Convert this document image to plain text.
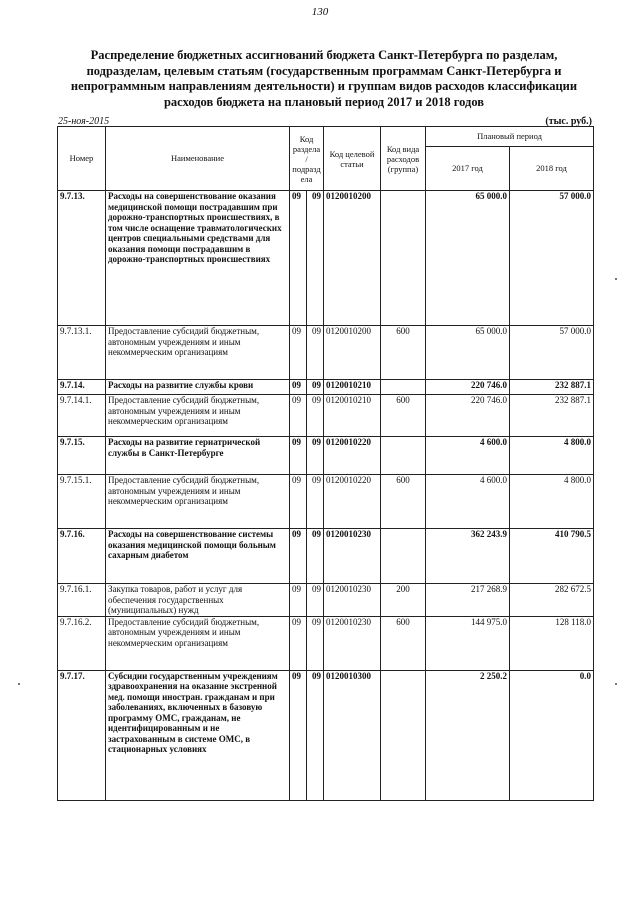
130
Распределение бюджетных ассигнований бюджета Санкт-Петербурга по разделам, подразделам, целевым статьям (государственным программам Санкт-Петербурга и непрограммным направлениям деятельности) и группам видов расходов классификации расходов бюджета на плановый период 2017 и 2018 годов
25-ноя-2015	(тыс. руб.)
Номер	Наименование	Код раздела/ подразд ела		Код целевой статьи	Код вида расходов (группа)	Плановый период	
						2017 год	2018 год
9.7.13.	Расходы на совершенствование оказания медицинской помощи пострадавшим при дорожно-транспортных происшествиях, в том числе оснащение травматологических центров специальными средствами для оказания помощи пострадавшим в дорожно-транспортных происшествиях	09	09	0120010200		65 000.0	57 000.0
9.7.13.1.	Предоставление субсидий бюджетным, автономным учреждениям и иным некоммерческим организациям	09	09	0120010200	600	65 000.0	57 000.0
9.7.14.	Расходы на развитие службы крови	09	09	0120010210		220 746.0	232 887.1
9.7.14.1.	Предоставление субсидий бюджетным, автономным учреждениям и иным некоммерческим организациям	09	09	0120010210	600	220 746.0	232 887.1
9.7.15.	Расходы на развитие гериатрической службы в Санкт-Петербурге	09	09	0120010220		4 600.0	4 800.0
9.7.15.1.	Предоставление субсидий бюджетным, автономным учреждениям и иным некоммерческим организациям	09	09	0120010220	600	4 600.0	4 800.0
9.7.16.	Расходы на совершенствование системы оказания медицинской помощи больным сахарным диабетом	09	09	0120010230		362 243.9	410 790.5
9.7.16.1.	Закупка товаров, работ и услуг для обеспечения государственных (муниципальных) нужд	09	09	0120010230	200	217 268.9	282 672.5
9.7.16.2.	Предоставление субсидий бюджетным, автономным учреждениям и иным некоммерческим организациям	09	09	0120010230	600	144 975.0	128 118.0
9.7.17.	Субсидии государственным учреждениям здравоохранения на оказание экстренной мед. помощи иностран. гражданам и при заболеваниях, включенных в базовую программу ОМС, гражданам, не идентифицированным и не застрахованным в системе ОМС, в стационарных условиях	09	09	0120010300		2 250.2	0.0
